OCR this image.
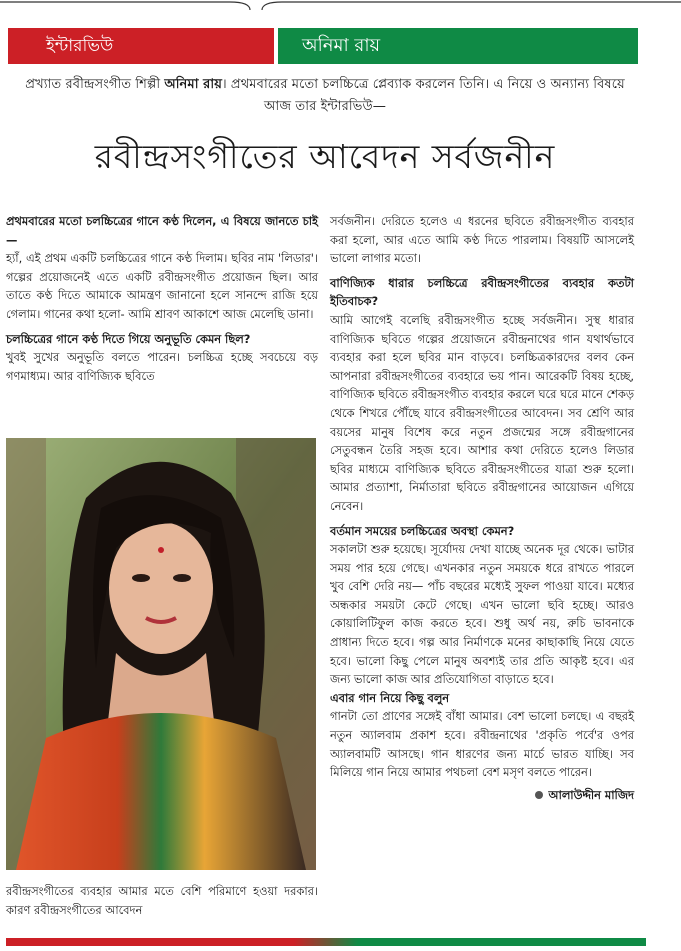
ইন্টারভিউ	অনিমা রায়
প্রখ্যাত রবীন্দ্রসংগীত শিল্পী অনিমা রায়। প্রথমবারের মতো চলচ্চিত্রে প্লেব্যাক করলেন তিনি। এ নিয়ে ও অন্যান্য বিষয়ে আজ তার ইন্টারভিউ—
রবীন্দ্রসংগীতের আবেদন সর্বজনীন

প্রথমবারের মতো চলচ্চিত্রের গানে কণ্ঠ দিলেন, এ বিষয়ে জানতে চাই—

হ্যাঁ, এই প্রথম একটি চলচ্চিত্রের গানে কণ্ঠ দিলাম। ছবির নাম 'লিডার'। গল্পের প্রয়োজনেই এতে একটি রবীন্দ্রসংগীত প্রয়োজন ছিল। আর তাতে কণ্ঠ দিতে আমাকে আমন্ত্রণ জানানো হলে সানন্দে রাজি হয়ে গেলাম। গানের কথা হলো- আমি শ্রাবণ আকাশে আজ মেলেছি ডানা।

চলচ্চিত্রের গানে কণ্ঠ দিতে গিয়ে অনুভূতি কেমন ছিল?

খুবই সুখের অনুভূতি বলতে পারেন। চলচ্চিত্র হচ্ছে সবচেয়ে বড় গণমাধ্যম। আর বাণিজ্যিক ছবিতে

রবীন্দ্রসংগীতের ব্যবহার আমার মতে বেশি পরিমাণে হওয়া দরকার। কারণ রবীন্দ্রসংগীতের আবেদন

সর্বজনীন। দেরিতে হলেও এ ধরনের ছবিতে রবীন্দ্রসংগীত ব্যবহার করা হলো, আর এতে আমি কণ্ঠ দিতে পারলাম। বিষয়টি আসলেই ভালো লাগার মতো।

বাণিজ্যিক ধারার চলচ্চিত্রে রবীন্দ্রসংগীতের ব্যবহার কতটা ইতিবাচক?

আমি আগেই বলেছি রবীন্দ্রসংগীত হচ্ছে সর্বজনীন। সুস্থ ধারার বাণিজ্যিক ছবিতে গল্পের প্রয়োজনে রবীন্দ্রনাথের গান যথার্থভাবে ব্যবহার করা হলে ছবির মান বাড়বে। চলচ্চিত্রকারদের বলব কেন আপনারা রবীন্দ্রসংগীতের ব্যবহারে ভয় পান। আরেকটি বিষয় হচ্ছে, বাণিজ্যিক ছবিতে রবীন্দ্রসংগীত ব্যবহার করলে ঘরে ঘরে মানে শেকড় থেকে শিখরে পৌঁছে যাবে রবীন্দ্রসংগীতের আবেদন। সব শ্রেণি আর বয়সের মানুষ বিশেষ করে নতুন প্রজন্মের সঙ্গে রবীন্দ্রগানের সেতুবন্ধন তৈরি সহজ হবে। আশার কথা দেরিতে হলেও লিডার ছবির মাধ্যমে বাণিজ্যিক ছবিতে রবীন্দ্রসংগীতের যাত্রা শুরু হলো। আমার প্রত্যাশা, নির্মাতারা ছবিতে রবীন্দ্রগানের আয়োজন এগিয়ে নেবেন।

বর্তমান সময়ের চলচ্চিত্রের অবস্থা কেমন?

সকালটা শুরু হয়েছে। সূর্যোদয় দেখা যাচ্ছে অনেক দূর থেকে। ভাটার সময় পার হয়ে গেছে। এখনকার নতুন সময়কে ধরে রাখতে পারলে খুব বেশি দেরি নয়— পাঁচ বছরের মধ্যেই সুফল পাওয়া যাবে। মধ্যের অন্ধকার সময়টা কেটে গেছে। এখন ভালো ছবি হচ্ছে। আরও কোয়ালিটিফুল কাজ করতে হবে। শুধু অর্থ নয়, রুচি ভাবনাকে প্রাধান্য দিতে হবে। গল্প আর নির্মাণকে মনের কাছাকাছি নিয়ে যেতে হবে। ভালো কিছু পেলে মানুষ অবশ্যই তার প্রতি আকৃষ্ট হবে। এর জন্য ভালো কাজ আর প্রতিযোগিতা বাড়াতে হবে।

এবার গান নিয়ে কিছু বলুন

গানটা তো প্রাণের সঙ্গেই বাঁধা আমার। বেশ ভালো চলছে। এ বছরই নতুন অ্যালবাম প্রকাশ হবে। রবীন্দ্রনাথের 'প্রকৃতি পর্বে'র ওপর অ্যালবামটি আসছে। গান ধারণের জন্য মার্চে ভারত যাচ্ছি। সব মিলিয়ে গান নিয়ে আমার পথচলা বেশ মসৃণ বলতে পারেন।

আলাউদ্দীন মাজিদ
